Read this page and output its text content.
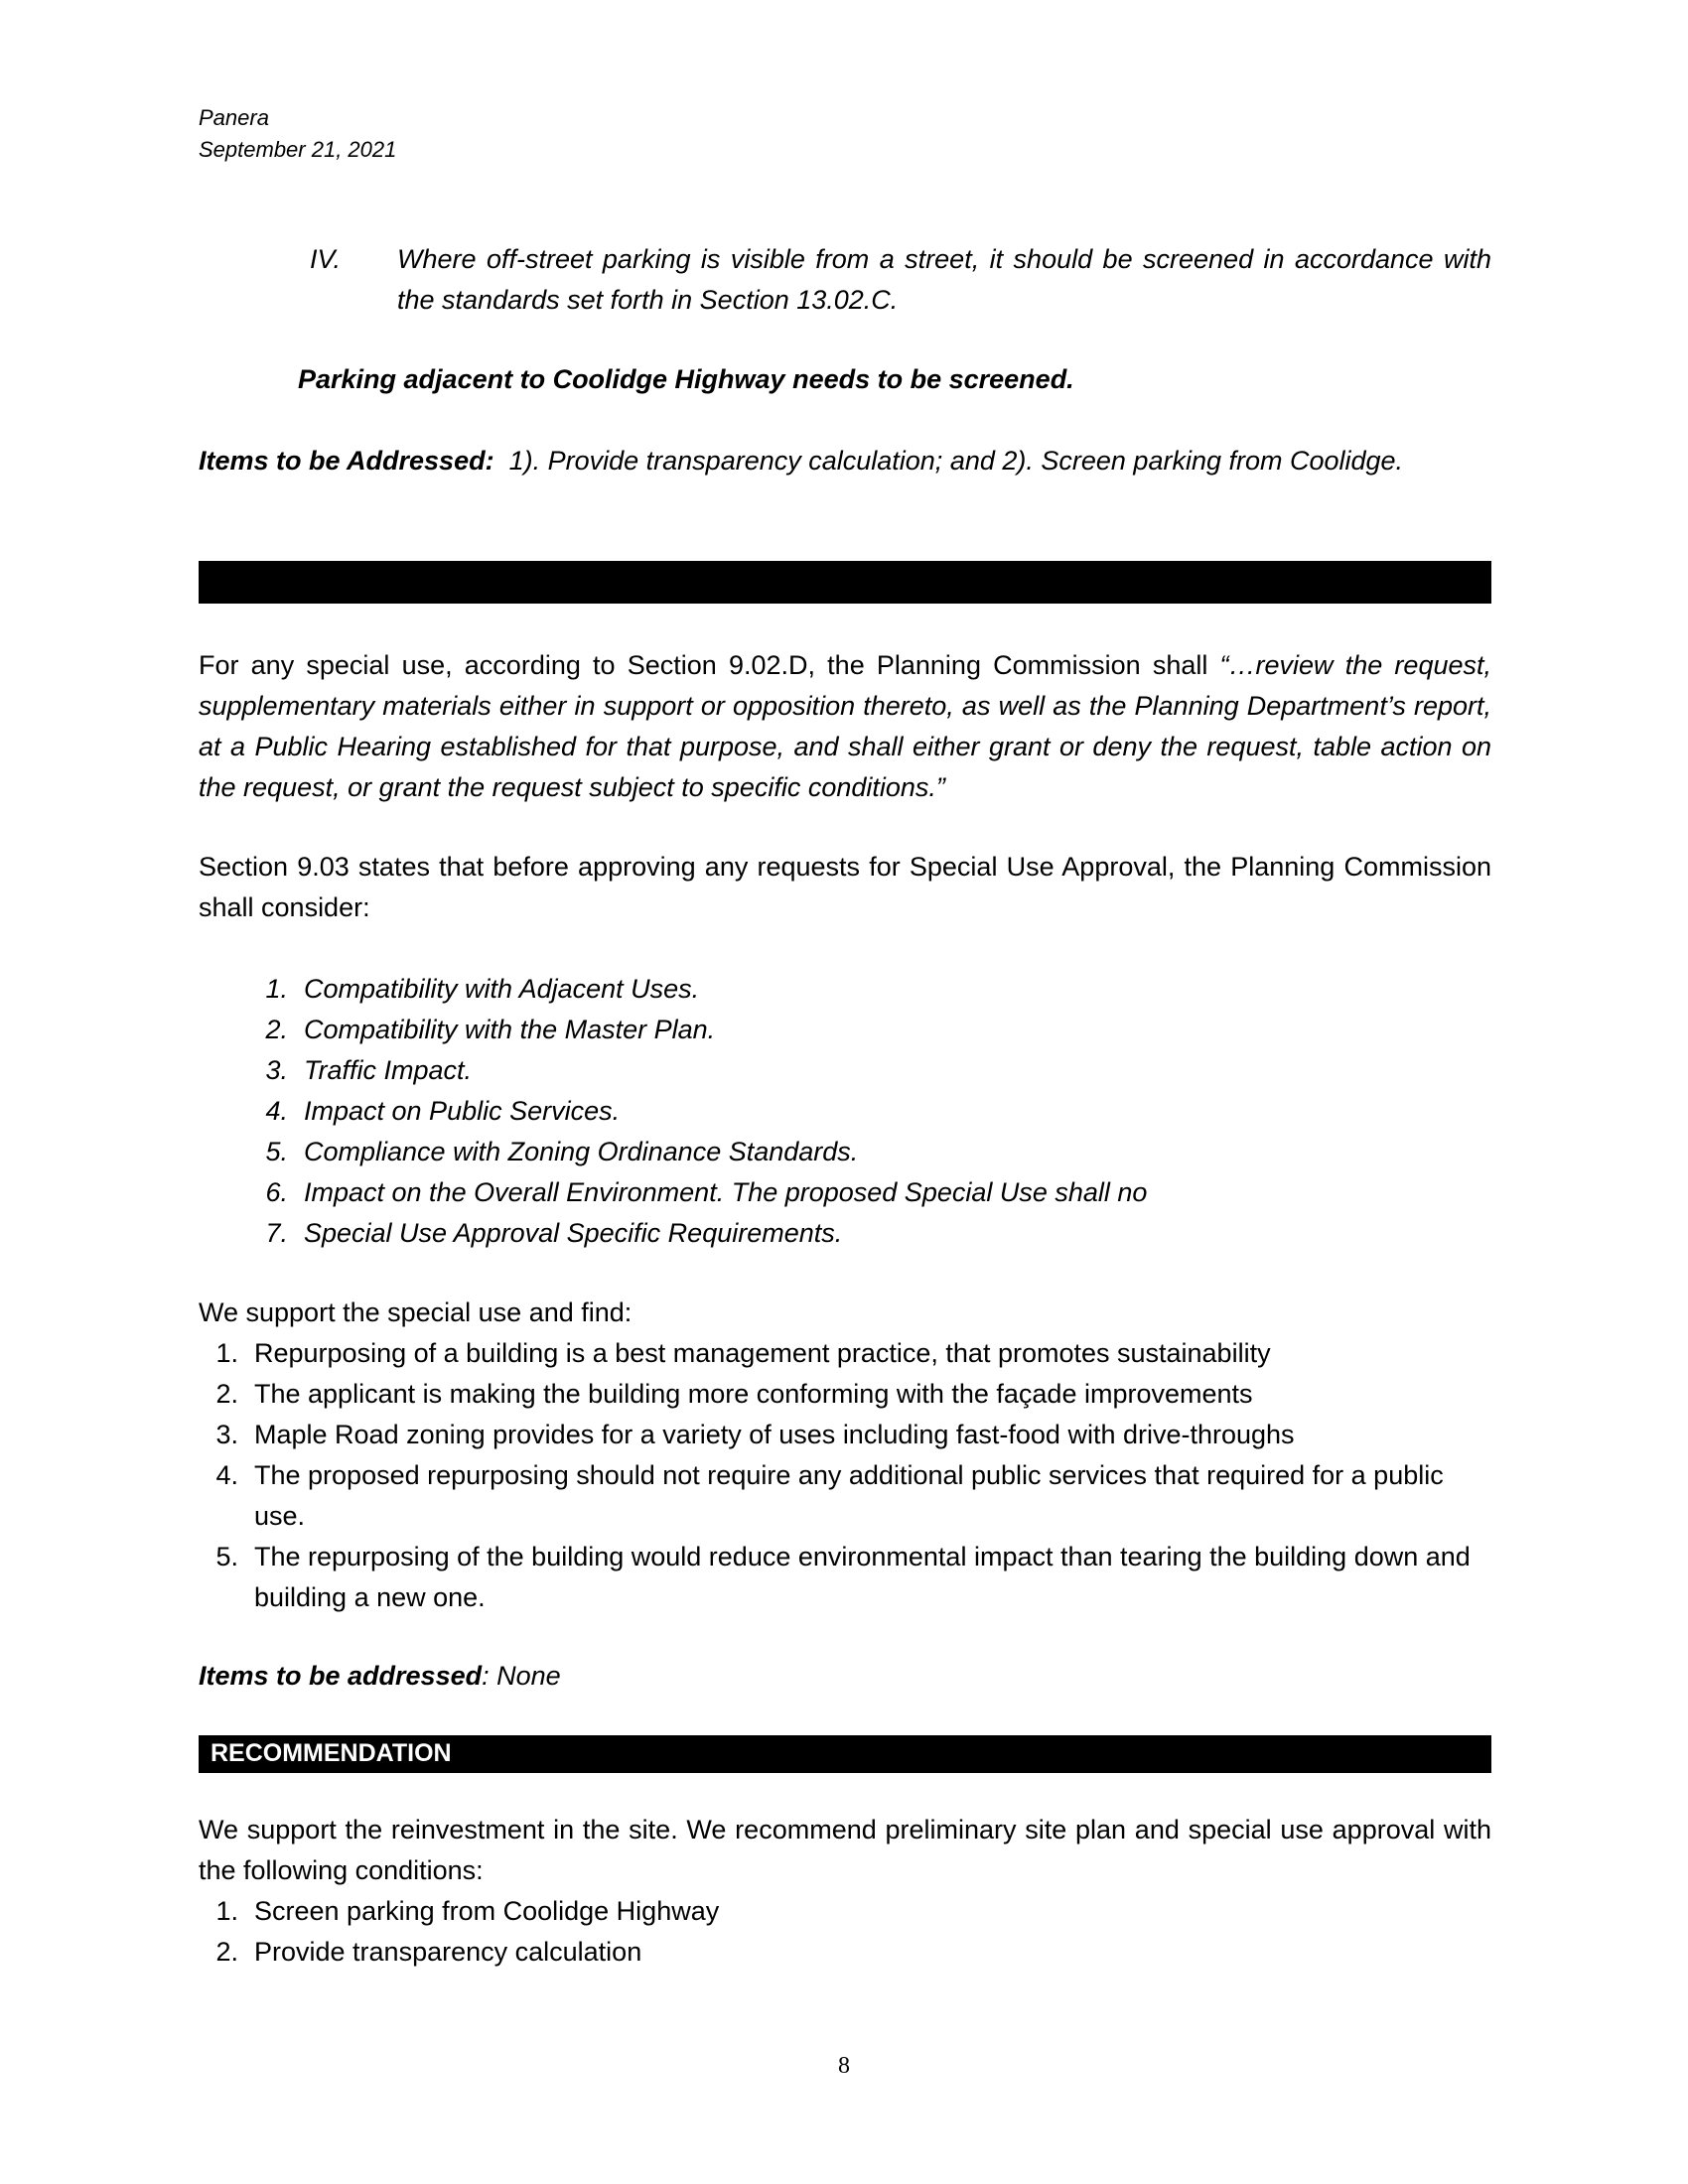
Panera
September 21, 2021
IV.	Where off-street parking is visible from a street, it should be screened in accordance with the standards set forth in Section 13.02.C.
Parking adjacent to Coolidge Highway needs to be screened.
Items to be Addressed: 1). Provide transparency calculation; and 2). Screen parking from Coolidge.
For any special use, according to Section 9.02.D, the Planning Commission shall “…review the request, supplementary materials either in support or opposition thereto, as well as the Planning Department’s report, at a Public Hearing established for that purpose, and shall either grant or deny the request, table action on the request, or grant the request subject to specific conditions.”
Section 9.03 states that before approving any requests for Special Use Approval, the Planning Commission shall consider:
1. Compatibility with Adjacent Uses.
2. Compatibility with the Master Plan.
3. Traffic Impact.
4. Impact on Public Services.
5. Compliance with Zoning Ordinance Standards.
6. Impact on the Overall Environment. The proposed Special Use shall no
7. Special Use Approval Specific Requirements.
We support the special use and find:
1. Repurposing of a building is a best management practice, that promotes sustainability
2. The applicant is making the building more conforming with the façade improvements
3. Maple Road zoning provides for a variety of uses including fast-food with drive-throughs
4. The proposed repurposing should not require any additional public services that required for a public use.
5. The repurposing of the building would reduce environmental impact than tearing the building down and building a new one.
Items to be addressed: None
RECOMMENDATION
We support the reinvestment in the site. We recommend preliminary site plan and special use approval with the following conditions:
1. Screen parking from Coolidge Highway
2. Provide transparency calculation
8
